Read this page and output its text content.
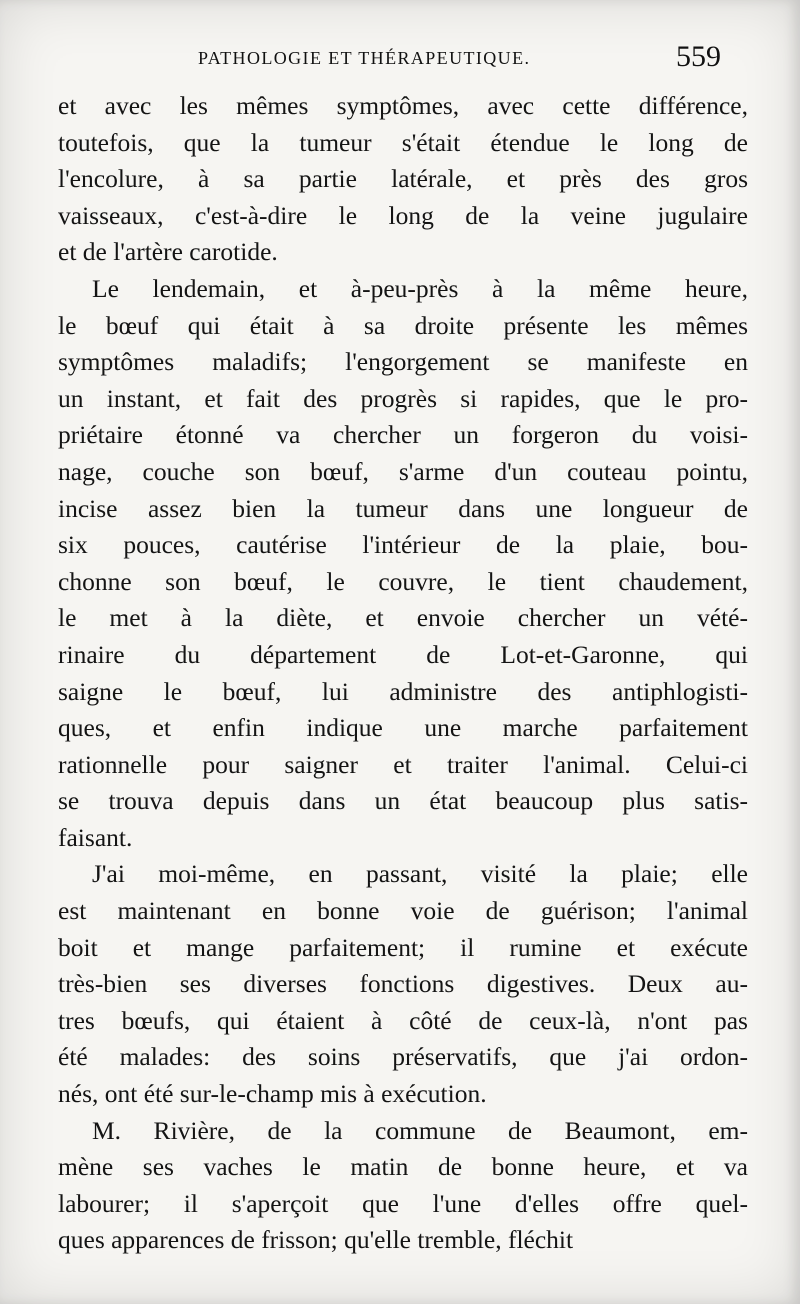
PATHOLOGIE ET THÉRAPEUTIQUE.	559
et avec les mêmes symptômes, avec cette différence,
toutefois, que la tumeur s'était étendue le long de
l'encolure, à sa partie latérale, et près des gros
vaisseaux, c'est-à-dire le long de la veine jugulaire
et de l'artère carotide.
Le lendemain, et à-peu-près à la même heure,
le bœuf qui était à sa droite présente les mêmes
symptômes maladifs; l'engorgement se manifeste en
un instant, et fait des progrès si rapides, que le pro-
priétaire étonné va chercher un forgeron du voisi-
nage, couche son bœuf, s'arme d'un couteau pointu,
incise assez bien la tumeur dans une longueur de
six pouces, cautérise l'intérieur de la plaie, bou-
chonne son bœuf, le couvre, le tient chaudement,
le met à la diète, et envoie chercher un vété-
rinaire du département de Lot-et-Garonne, qui
saigne le bœuf, lui administre des antiphlogisti-
ques, et enfin indique une marche parfaitement
rationnelle pour saigner et traiter l'animal. Celui-ci
se trouva depuis dans un état beaucoup plus satis-
faisant.
J'ai moi-même, en passant, visité la plaie; elle
est maintenant en bonne voie de guérison; l'animal
boit et mange parfaitement; il rumine et exécute
très-bien ses diverses fonctions digestives. Deux au-
tres bœufs, qui étaient à côté de ceux-là, n'ont pas
été malades: des soins préservatifs, que j'ai ordon-
nés, ont été sur-le-champ mis à exécution.
M. Rivière, de la commune de Beaumont, em-
mène ses vaches le matin de bonne heure, et va
labourer; il s'aperçoit que l'une d'elles offre quel-
ques apparences de frisson; qu'elle tremble, fléchit
